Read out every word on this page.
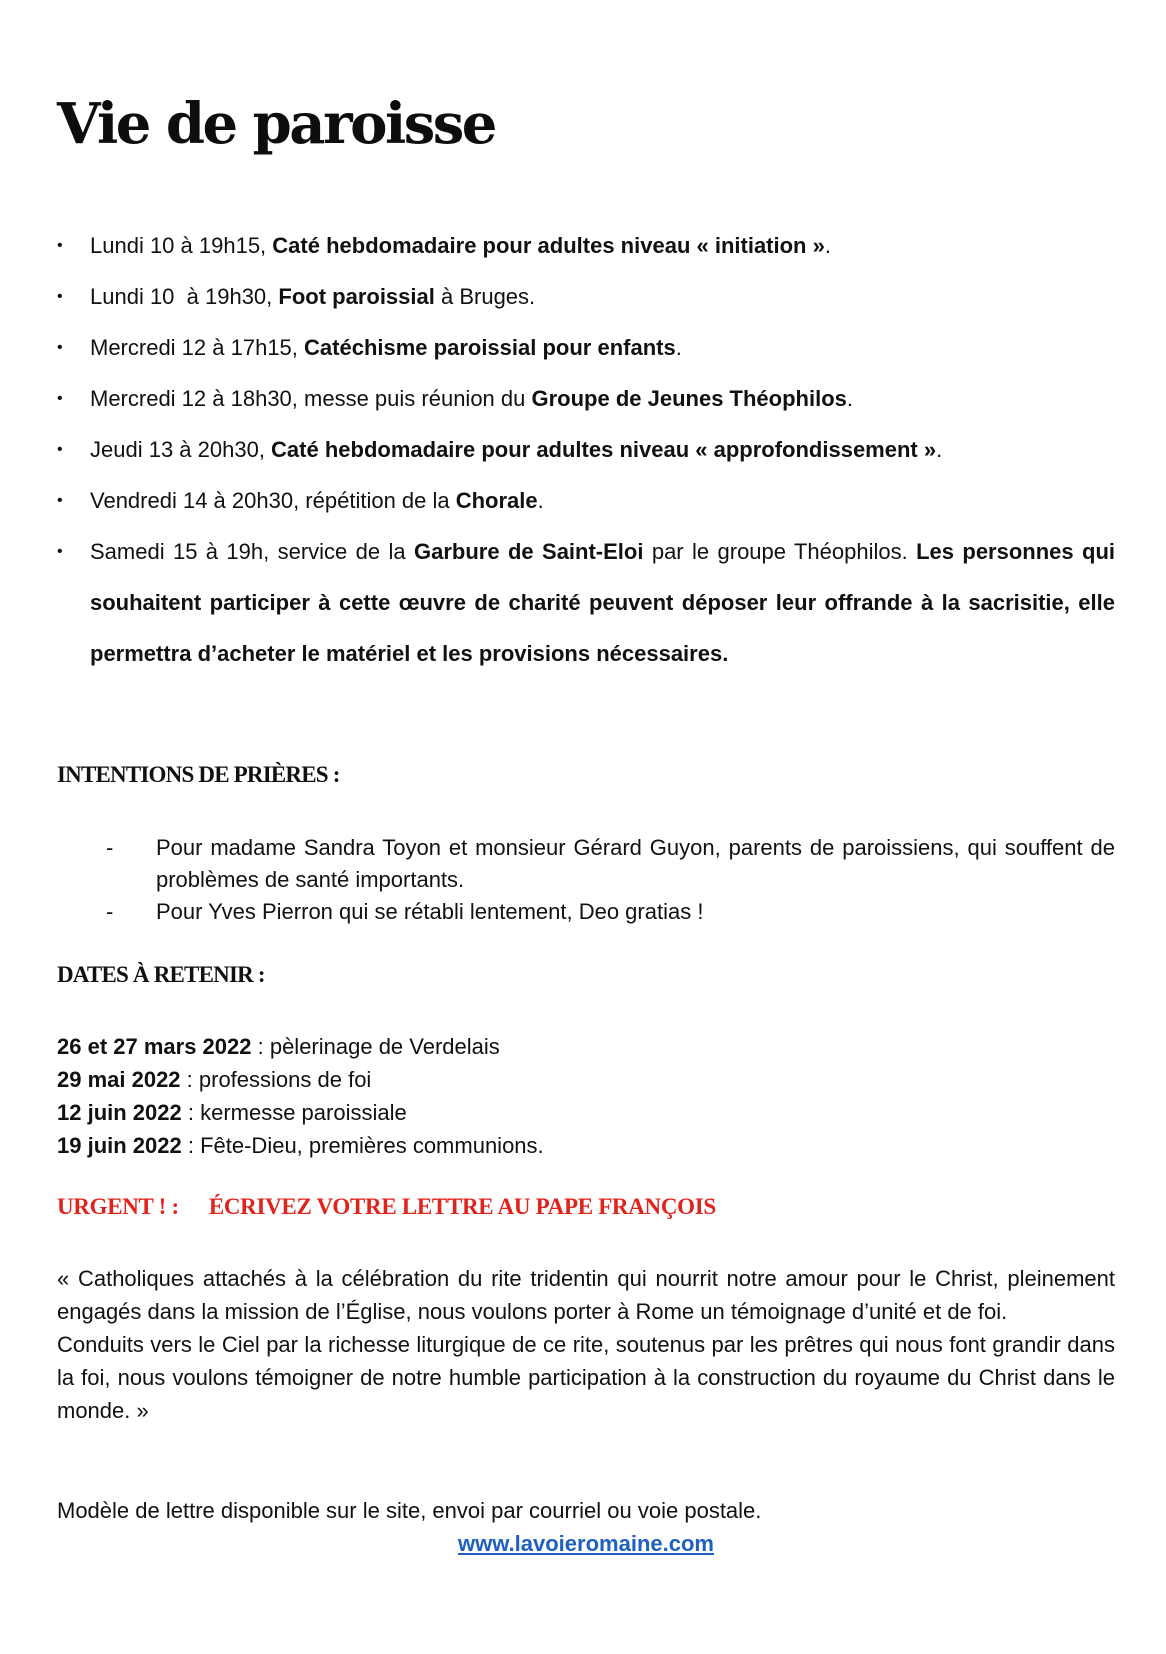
Vie de paroisse
• Lundi 10 à 19h15, Caté hebdomadaire pour adultes niveau « initiation ».
• Lundi 10  à 19h30, Foot paroissial à Bruges.
• Mercredi 12 à 17h15, Catéchisme paroissial pour enfants.
• Mercredi 12 à 18h30, messe puis réunion du Groupe de Jeunes Théophilos.
• Jeudi 13 à 20h30, Caté hebdomadaire pour adultes niveau « approfondissement ».
• Vendredi 14 à 20h30, répétition de la Chorale.
• Samedi 15 à 19h, service de la Garbure de Saint-Eloi par le groupe Théophilos. Les personnes qui souhaitent participer à cette œuvre de charité peuvent déposer leur offrande à la sacrisitie, elle permettra d’acheter le matériel et les provisions nécessaires.
INTENTIONS DE PRIÈRES :
- Pour madame Sandra Toyon et monsieur Gérard Guyon, parents de paroissiens, qui souffent de problèmes de santé importants.
- Pour Yves Pierron qui se rétabli lentement, Deo gratias !
DATES À RETENIR :
26 et 27 mars 2022 : pèlerinage de Verdelais
29 mai 2022 : professions de foi
12 juin 2022 : kermesse paroissiale
19 juin 2022 : Fête-Dieu, premières communions.
URGENT ! : ÉCRIVEZ VOTRE LETTRE AU PAPE FRANÇOIS

« Catholiques attachés à la célébration du rite tridentin qui nourrit notre amour pour le Christ, pleinement engagés dans la mission de l’Église, nous voulons porter à Rome un témoignage d’unité et de foi.

Conduits vers le Ciel par la richesse liturgique de ce rite, soutenus par les prêtres qui nous font grandir dans la foi, nous voulons témoigner de notre humble participation à la construction du royaume du Christ dans le monde. »

Modèle de lettre disponible sur le site, envoi par courriel ou voie postale.

www.lavoieromaine.com
